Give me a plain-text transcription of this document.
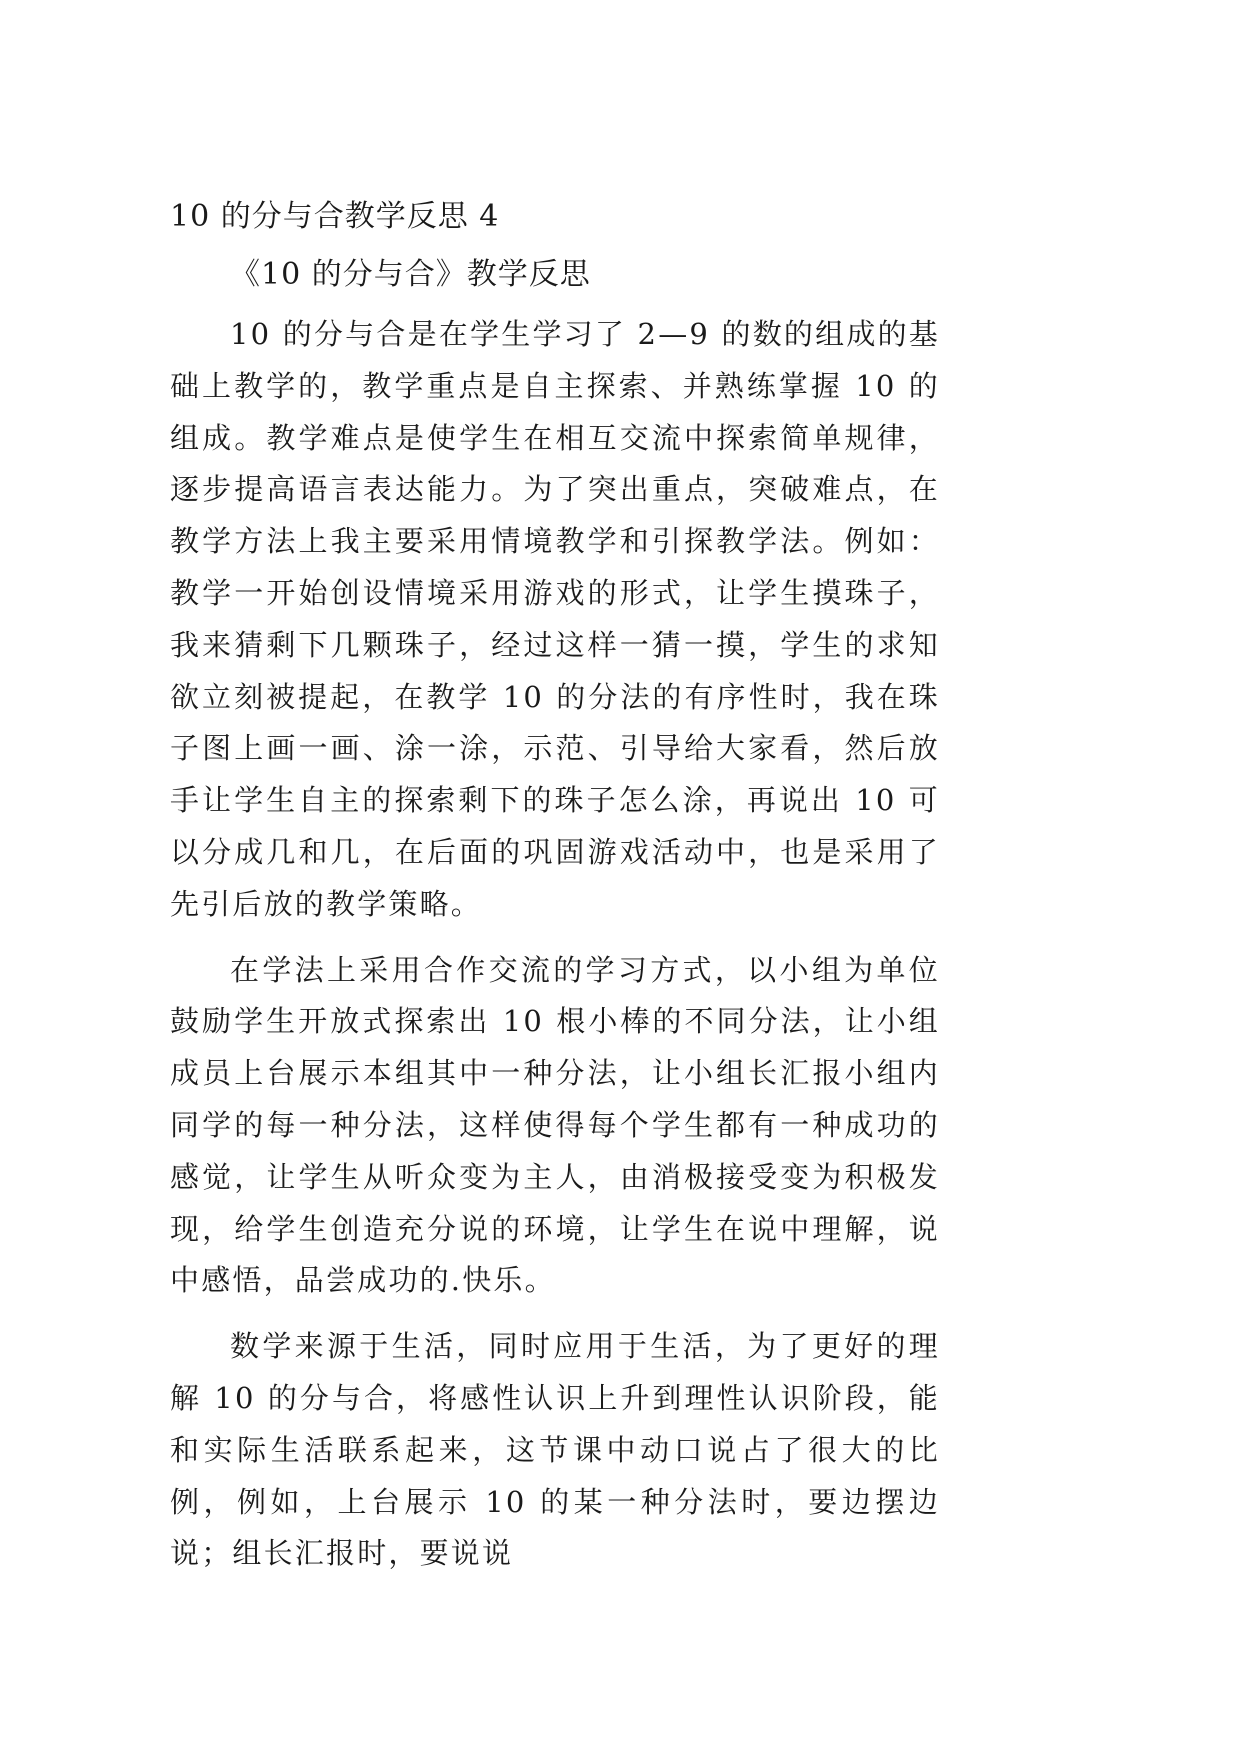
10 的分与合教学反思 4
《10 的分与合》教学反思

10 的分与合是在学生学习了 2—9 的数的组成的基础上教学的，教学重点是自主探索、并熟练掌握 10 的组成。教学难点是使学生在相互交流中探索简单规律，逐步提高语言表达能力。为了突出重点，突破难点，在教学方法上我主要采用情境教学和引探教学法。例如：教学一开始创设情境采用游戏的形式，让学生摸珠子，我来猜剩下几颗珠子，经过这样一猜一摸，学生的求知欲立刻被提起，在教学 10 的分法的有序性时，我在珠子图上画一画、涂一涂，示范、引导给大家看，然后放手让学生自主的探索剩下的珠子怎么涂，再说出 10 可以分成几和几，在后面的巩固游戏活动中，也是采用了先引后放的教学策略。

在学法上采用合作交流的学习方式，以小组为单位鼓励学生开放式探索出 10 根小棒的不同分法，让小组成员上台展示本组其中一种分法，让小组长汇报小组内同学的每一种分法，这样使得每个学生都有一种成功的感觉，让学生从听众变为主人，由消极接受变为积极发现，给学生创造充分说的环境，让学生在说中理解，说中感悟，品尝成功的.快乐。

数学来源于生活，同时应用于生活，为了更好的理解 10 的分与合，将感性认识上升到理性认识阶段，能和实际生活联系起来，这节课中动口说占了很大的比例，例如，上台展示 10 的某一种分法时，要边摆边说；组长汇报时，要说说
